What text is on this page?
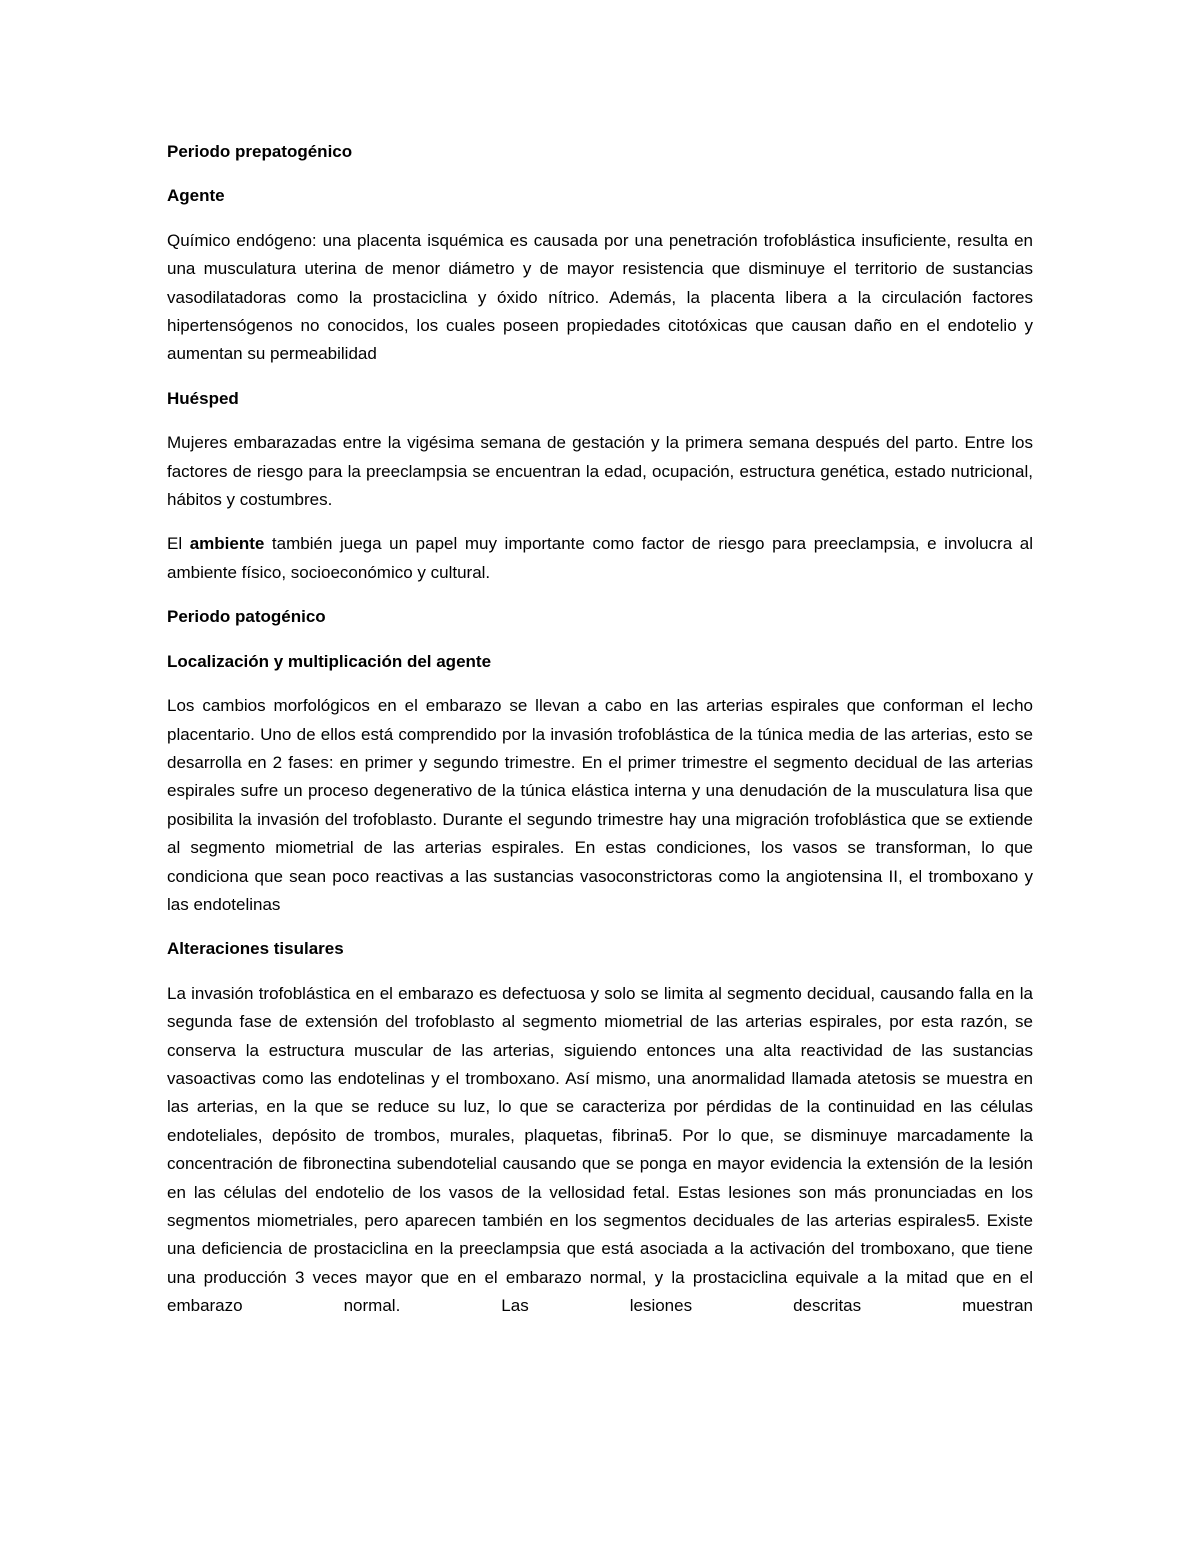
Periodo prepatogénico

Agente

Químico endógeno: una placenta isquémica es causada por una penetración trofoblástica insuficiente, resulta en una musculatura uterina de menor diámetro y de mayor resistencia que disminuye el territorio de sustancias vasodilatadoras como la prostaciclina y óxido nítrico. Además, la placenta libera a la circulación factores hipertensógenos no conocidos, los cuales poseen propiedades citotóxicas que causan daño en el endotelio y aumentan su permeabilidad

Huésped

Mujeres embarazadas entre la vigésima semana de gestación y la primera semana después del parto. Entre los factores de riesgo para la preeclampsia se encuentran la edad, ocupación, estructura genética, estado nutricional, hábitos y costumbres.

El ambiente también juega un papel muy importante como factor de riesgo para preeclampsia, e involucra al ambiente físico, socioeconómico y cultural.

Periodo patogénico

Localización y multiplicación del agente

Los cambios morfológicos en el embarazo se llevan a cabo en las arterias espirales que conforman el lecho placentario. Uno de ellos está comprendido por la invasión trofoblástica de la túnica media de las arterias, esto se desarrolla en 2 fases: en primer y segundo trimestre. En el primer trimestre el segmento decidual de las arterias espirales sufre un proceso degenerativo de la túnica elástica interna y una denudación de la musculatura lisa que posibilita la invasión del trofoblasto. Durante el segundo trimestre hay una migración trofoblástica que se extiende al segmento miometrial de las arterias espirales. En estas condiciones, los vasos se transforman, lo que condiciona que sean poco reactivas a las sustancias vasoconstrictoras como la angiotensina II, el tromboxano y las endotelinas

Alteraciones tisulares

La invasión trofoblástica en el embarazo es defectuosa y solo se limita al segmento decidual, causando falla en la segunda fase de extensión del trofoblasto al segmento miometrial de las arterias espirales, por esta razón, se conserva la estructura muscular de las arterias, siguiendo entonces una alta reactividad de las sustancias vasoactivas como las endotelinas y el tromboxano. Así mismo, una anormalidad llamada atetosis se muestra en las arterias, en la que se reduce su luz, lo que se caracteriza por pérdidas de la continuidad en las células endoteliales, depósito de trombos, murales, plaquetas, fibrina5. Por lo que, se disminuye marcadamente la concentración de fibronectina subendotelial causando que se ponga en mayor evidencia la extensión de la lesión en las células del endotelio de los vasos de la vellosidad fetal. Estas lesiones son más pronunciadas en los segmentos miometriales, pero aparecen también en los segmentos deciduales de las arterias espirales5. Existe una deficiencia de prostaciclina en la preeclampsia que está asociada a la activación del tromboxano, que tiene una producción 3 veces mayor que en el embarazo normal, y la prostaciclina equivale a la mitad que en el embarazo normal. Las lesiones descritas muestran
